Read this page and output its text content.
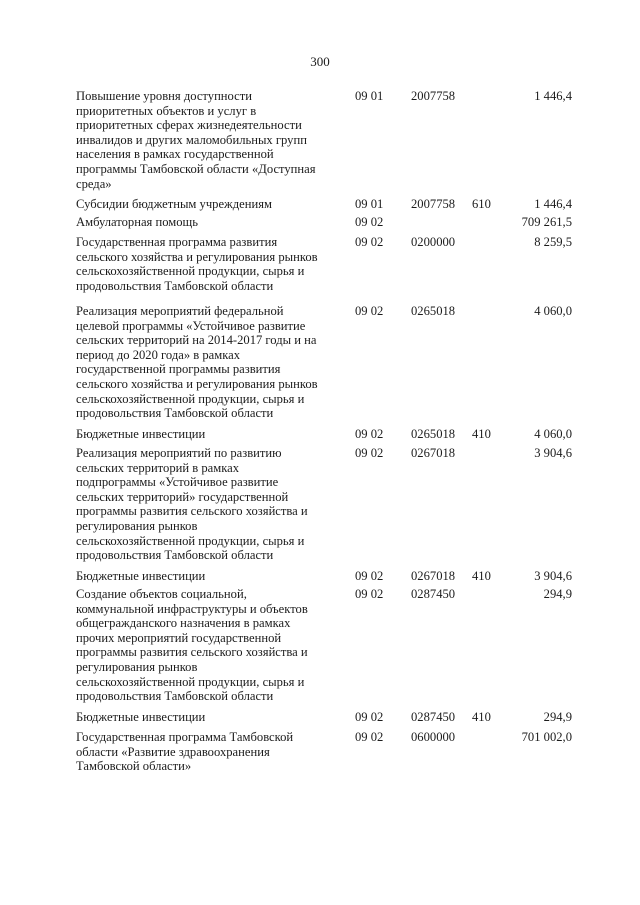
300
Повышение уровня доступности
приоритетных объектов и услуг в
приоритетных сферах жизнедеятельности
инвалидов и других маломобильных групп
населения в рамках государственной
программы Тамбовской области «Доступная
среда»
09 01 2007758	1 446,4
Субсидии бюджетным учреждениям	09 01 2007758 610	1 446,4
Амбулаторная помощь	09 02	709 261,5
Государственная программа развития
сельского хозяйства и регулирования рынков
сельскохозяйственной продукции, сырья и
продовольствия Тамбовской области
09 02 0200000	8 259,5
Реализация мероприятий федеральной
целевой программы «Устойчивое развитие
сельских территорий на 2014-2017 годы и на
период до 2020 года» в рамках
государственной программы развития
сельского хозяйства и регулирования рынков
сельскохозяйственной продукции, сырья и
продовольствия Тамбовской области
09 02 0265018	4 060,0
Бюджетные инвестиции	09 02 0265018 410	4 060,0
Реализация мероприятий по развитию
сельских территорий в рамках
подпрограммы «Устойчивое развитие
сельских территорий» государственной
программы развития сельского хозяйства и
регулирования рынков
сельскохозяйственной продукции, сырья и
продовольствия Тамбовской области
09 02 0267018	3 904,6
Бюджетные инвестиции	09 02 0267018 410	3 904,6
Создание объектов социальной,
коммунальной инфраструктуры и объектов
общегражданского назначения в рамках
прочих мероприятий государственной
программы развития сельского хозяйства и
регулирования рынков
сельскохозяйственной продукции, сырья и
продовольствия Тамбовской области
09 02 0287450	294,9
Бюджетные инвестиции	09 02 0287450 410	294,9
Государственная программа Тамбовской
области «Развитие здравоохранения
Тамбовской области»
09 02 0600000	701 002,0
